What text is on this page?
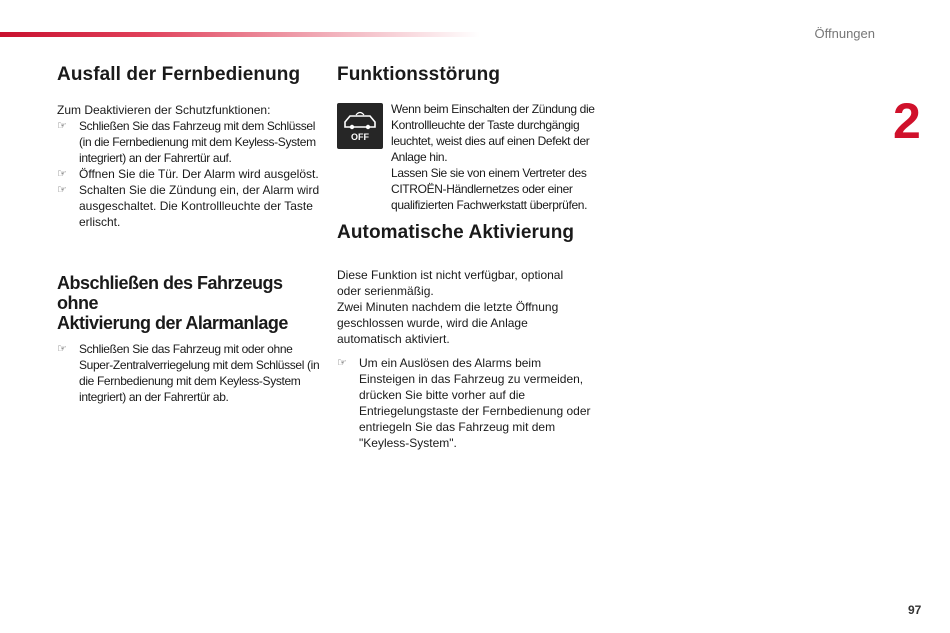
Öffnungen
2
97
Ausfall der Fernbedienung
Zum Deaktivieren der Schutzfunktionen:
☞ Schließen Sie das Fahrzeug mit dem Schlüssel (in die Fernbedienung mit dem Keyless-System integriert) an der Fahrertür auf.
☞ Öffnen Sie die Tür. Der Alarm wird ausgelöst.
☞ Schalten Sie die Zündung ein, der Alarm wird ausgeschaltet. Die Kontrollleuchte der Taste erlischt.
Abschließen des Fahrzeugs ohne
Aktivierung der Alarmanlage
☞ Schließen Sie das Fahrzeug mit oder ohne Super-Zentralverriegelung mit dem Schlüssel (in die Fernbedienung mit dem Keyless-System integriert) an der Fahrertür ab.
Funktionsstörung
OFF
Wenn beim Einschalten der Zündung die Kontrollleuchte der Taste durchgängig leuchtet, weist dies auf einen Defekt der Anlage hin.
Lassen Sie sie von einem Vertreter des CITROËN-Händlernetzes oder einer qualifizierten Fachwerkstatt überprüfen.
Automatische Aktivierung
Diese Funktion ist nicht verfügbar, optional oder serienmäßig.
Zwei Minuten nachdem die letzte Öffnung geschlossen wurde, wird die Anlage automatisch aktiviert.
☞ Um ein Auslösen des Alarms beim Einsteigen in das Fahrzeug zu vermeiden, drücken Sie bitte vorher auf die Entriegelungstaste der Fernbedienung oder entriegeln Sie das Fahrzeug mit dem "Keyless-System".
